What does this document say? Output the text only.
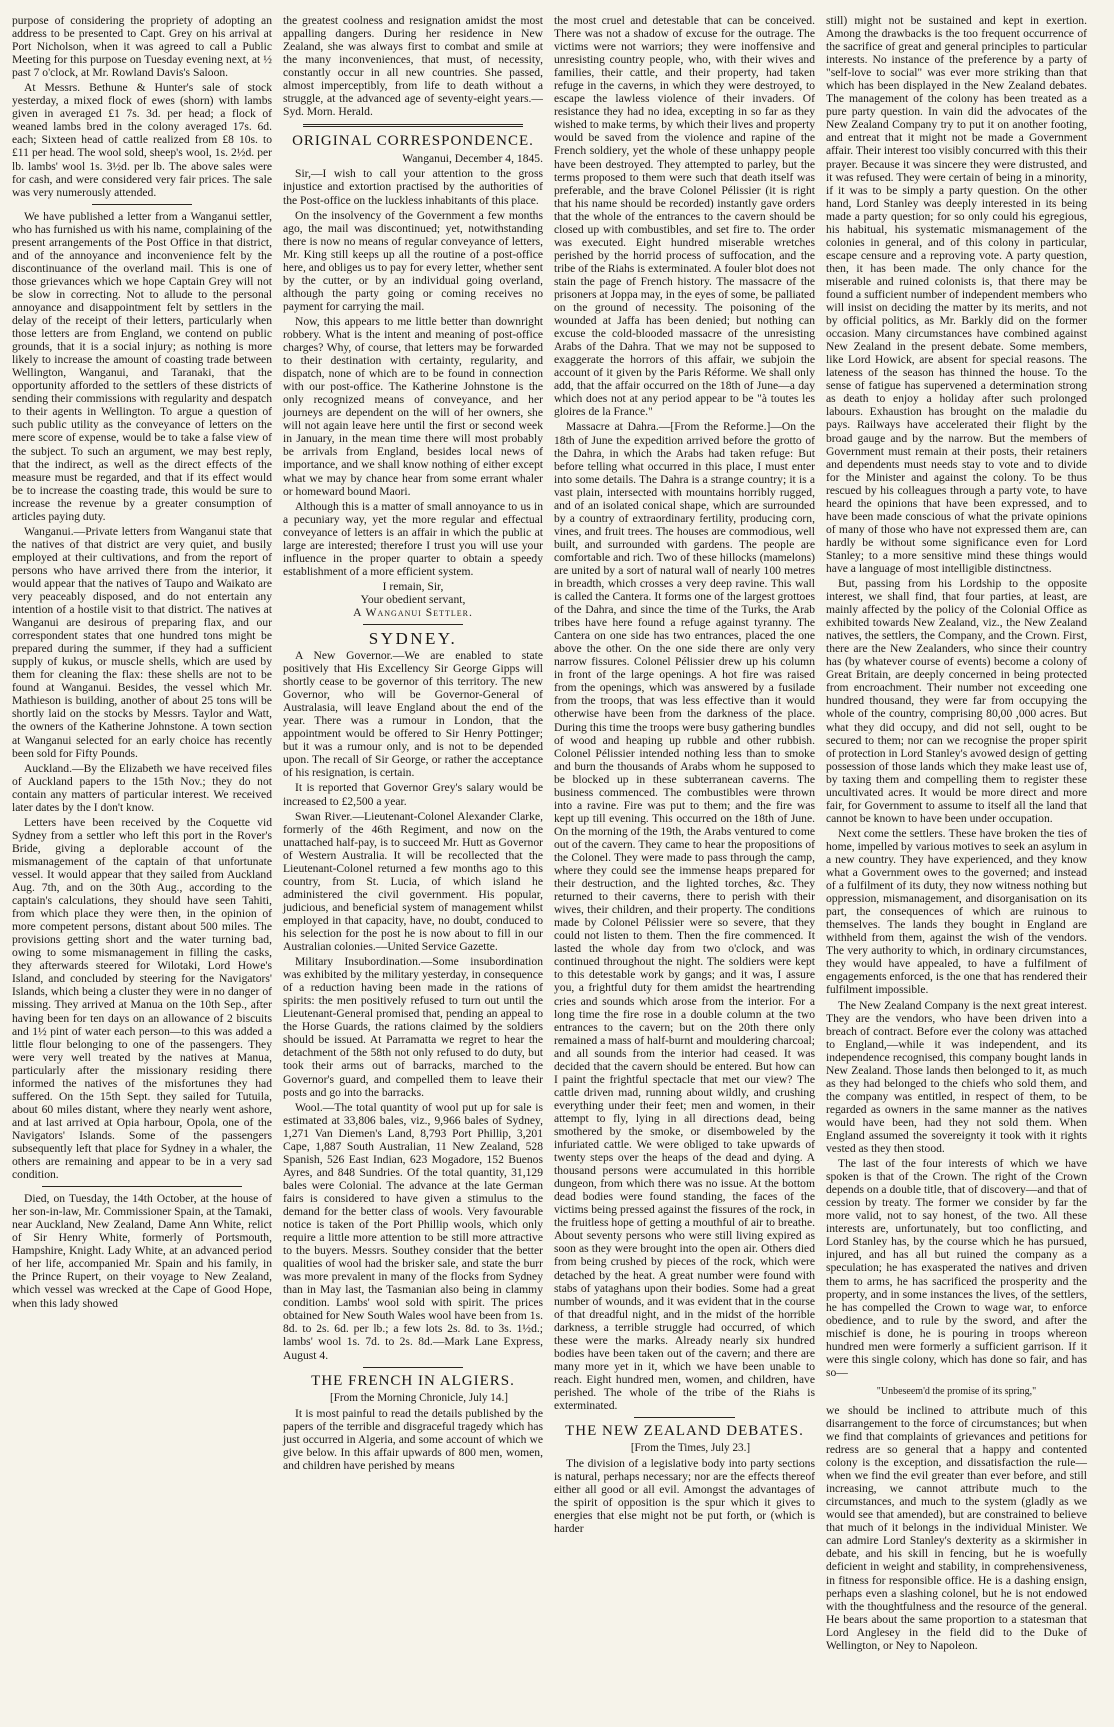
purpose of considering the propriety of adopting an address to be presented to Capt. Grey on his arrival at Port Nicholson, when it was agreed to call a Public Meeting for this purpose on Tuesday evening next, at ½ past 7 o'clock, at Mr. Rowland Davis's Saloon.

At Messrs. Bethune & Hunter's sale of stock yesterday, a mixed flock of ewes (shorn) with lambs given in averaged £1 7s. 3d. per head; a flock of weaned lambs bred in the colony averaged 17s. 6d. each; Sixteen head of cattle realized from £8 10s. to £11 per head. The wool sold, sheep's wool, 1s. 2½d. per lb. lambs' wool 1s. 3½d. per lb. The above sales were for cash, and were considered very fair prices. The sale was very numerously attended.

We have published a letter from a Wanganui settler, who has furnished us with his name, complaining of the present arrangements of the Post Office in that district, and of the annoyance and inconvenience felt by the discontinuance of the overland mail. This is one of those grievances which we hope Captain Grey will not be slow in correcting. Not to allude to the personal annoyance and disappointment felt by settlers in the delay of the receipt of their letters, particularly when those letters are from England, we contend on public grounds, that it is a social injury; as nothing is more likely to increase the amount of coasting trade between Wellington, Wanganui, and Taranaki, that the opportunity afforded to the settlers of these districts of sending their commissions with regularity and despatch to their agents in Wellington. To argue a question of such public utility as the conveyance of letters on the mere score of expense, would be to take a false view of the subject. To such an argument, we may best reply, that the indirect, as well as the direct effects of the measure must be regarded, and that if its effect would be to increase the coasting trade, this would be sure to increase the revenue by a greater consumption of articles paying duty.

Wanganui.—Private letters from Wanganui state that the natives of that district are very quiet, and busily employed at their cultivations, and from the report of persons who have arrived there from the interior, it would appear that the natives of Taupo and Waikato are very peaceably disposed, and do not entertain any intention of a hostile visit to that district. The natives at Wanganui are desirous of preparing flax, and our correspondent states that one hundred tons might be prepared during the summer, if they had a sufficient supply of kukus, or muscle shells, which are used by them for cleaning the flax: these shells are not to be found at Wanganui. Besides, the vessel which Mr. Mathieson is building, another of about 25 tons will be shortly laid on the stocks by Messrs. Taylor and Watt, the owners of the Katherine Johnstone. A town section at Wanganui selected for an early choice has recently been sold for Fifty Pounds.

Auckland.—By the Elizabeth we have received files of Auckland papers to the 15th Nov.; they do not contain any matters of particular interest. We received later dates by the I don't know.

Letters have been received by the Coquette vid Sydney from a settler who left this port in the Rover's Bride, giving a deplorable account of the mismanagement of the captain of that unfortunate vessel. It would appear that they sailed from Auckland Aug. 7th, and on the 30th Aug., according to the captain's calculations, they should have seen Tahiti, from which place they were then, in the opinion of more competent persons, distant about 500 miles. The provisions getting short and the water turning bad, owing to some mismanagement in filling the casks, they afterwards steered for Wilotaki, Lord Howe's Island, and concluded by steering for the Navigators' Islands, which being a cluster they were in no danger of missing. They arrived at Manua on the 10th Sep., after having been for ten days on an allowance of 2 biscuits and 1½ pint of water each person—to this was added a little flour belonging to one of the passengers. They were very well treated by the natives at Manua, particularly after the missionary residing there informed the natives of the misfortunes they had suffered. On the 15th Sept. they sailed for Tutuila, about 60 miles distant, where they nearly went ashore, and at last arrived at Opia harbour, Opola, one of the Navigators' Islands. Some of the passengers subsequently left that place for Sydney in a whaler, the others are remaining and appear to be in a very sad condition.

Died, on Tuesday, the 14th October, at the house of her son-in-law, Mr. Commissioner Spain, at the Tamaki, near Auckland, New Zealand, Dame Ann White, relict of Sir Henry White, formerly of Portsmouth, Hampshire, Knight. Lady White, at an advanced period of her life, accompanied Mr. Spain and his family, in the Prince Rupert, on their voyage to New Zealand, which vessel was wrecked at the Cape of Good Hope, when this lady showed

the greatest coolness and resignation amidst the most appalling dangers. During her residence in New Zealand, she was always first to combat and smile at the many inconveniences, that must, of necessity, constantly occur in all new countries. She passed, almost imperceptibly, from life to death without a struggle, at the advanced age of seventy-eight years.—Syd. Morn. Herald.

ORIGINAL CORRESPONDENCE.

Wanganui, December 4, 1845.

Sir,—I wish to call your attention to the gross injustice and extortion practised by the authorities of the Post-office on the luckless inhabitants of this place.

On the insolvency of the Government a few months ago, the mail was discontinued; yet, notwithstanding there is now no means of regular conveyance of letters, Mr. King still keeps up all the routine of a post-office here, and obliges us to pay for every letter, whether sent by the cutter, or by an individual going overland, although the party going or coming receives no payment for carrying the mail.

Now, this appears to me little better than downright robbery. What is the intent and meaning of post-office charges? Why, of course, that letters may be forwarded to their destination with certainty, regularity, and dispatch, none of which are to be found in connection with our post-office. The Katherine Johnstone is the only recognized means of conveyance, and her journeys are dependent on the will of her owners, she will not again leave here until the first or second week in January, in the mean time there will most probably be arrivals from England, besides local news of importance, and we shall know nothing of either except what we may by chance hear from some errant whaler or homeward bound Maori.

Although this is a matter of small annoyance to us in a pecuniary way, yet the more regular and effectual conveyance of letters is an affair in which the public at large are interested; therefore I trust you will use your influence in the proper quarter to obtain a speedy establishment of a more efficient system.

I remain, Sir,

Your obedient servant,

A Wanganui Settler.

SYDNEY.

A New Governor.—We are enabled to state positively that His Excellency Sir George Gipps will shortly cease to be governor of this territory. The new Governor, who will be Governor-General of Australasia, will leave England about the end of the year. There was a rumour in London, that the appointment would be offered to Sir Henry Pottinger; but it was a rumour only, and is not to be depended upon. The recall of Sir George, or rather the acceptance of his resignation, is certain.

It is reported that Governor Grey's salary would be increased to £2,500 a year.

Swan River.—Lieutenant-Colonel Alexander Clarke, formerly of the 46th Regiment, and now on the unattached half-pay, is to succeed Mr. Hutt as Governor of Western Australia. It will be recollected that the Lieutenant-Colonel returned a few months ago to this country, from St. Lucia, of which island he administered the civil government. His popular, judicious, and beneficial system of management whilst employed in that capacity, have, no doubt, conduced to his selection for the post he is now about to fill in our Australian colonies.—United Service Gazette.

Military Insubordination.—Some insubordination was exhibited by the military yesterday, in consequence of a reduction having been made in the rations of spirits: the men positively refused to turn out until the Lieutenant-General promised that, pending an appeal to the Horse Guards, the rations claimed by the soldiers should be issued. At Parramatta we regret to hear the detachment of the 58th not only refused to do duty, but took their arms out of barracks, marched to the Governor's guard, and compelled them to leave their posts and go into the barracks.

Wool.—The total quantity of wool put up for sale is estimated at 33,806 bales, viz., 9,966 bales of Sydney, 1,271 Van Diemen's Land, 8,793 Port Phillip, 3,201 Cape, 1,887 South Australian, 11 New Zealand, 528 Spanish, 526 East Indian, 623 Mogadore, 152 Buenos Ayres, and 848 Sundries. Of the total quantity, 31,129 bales were Colonial. The advance at the late German fairs is considered to have given a stimulus to the demand for the better class of wools. Very favourable notice is taken of the Port Phillip wools, which only require a little more attention to be still more attractive to the buyers. Messrs. Southey consider that the better qualities of wool had the brisker sale, and state the burr was more prevalent in many of the flocks from Sydney than in May last, the Tasmanian also being in clammy condition. Lambs' wool sold with spirit. The prices obtained for New South Wales wool have been from 1s. 8d. to 2s. 6d. per lb.; a few lots 2s. 8d. to 3s. 1½d.; lambs' wool 1s. 7d. to 2s. 8d.—Mark Lane Express, August 4.

THE FRENCH IN ALGIERS.

[From the Morning Chronicle, July 14.]

It is most painful to read the details published by the papers of the terrible and disgraceful tragedy which has just occurred in Algeria, and some account of which we give below. In this affair upwards of 800 men, women, and children have perished by means

the most cruel and detestable that can be conceived. There was not a shadow of excuse for the outrage. The victims were not warriors; they were inoffensive and unresisting country people, who, with their wives and families, their cattle, and their property, had taken refuge in the caverns, in which they were destroyed, to escape the lawless violence of their invaders. Of resistance they had no idea, excepting in so far as they wished to make terms, by which their lives and property would be saved from the violence and rapine of the French soldiery, yet the whole of these unhappy people have been destroyed. They attempted to parley, but the terms proposed to them were such that death itself was preferable, and the brave Colonel Pélissier (it is right that his name should be recorded) instantly gave orders that the whole of the entrances to the cavern should be closed up with combustibles, and set fire to. The order was executed. Eight hundred miserable wretches perished by the horrid process of suffocation, and the tribe of the Riahs is exterminated. A fouler blot does not stain the page of French history. The massacre of the prisoners at Joppa may, in the eyes of some, be palliated on the ground of necessity. The poisoning of the wounded at Jaffa has been denied; but nothing can excuse the cold-blooded massacre of the unresisting Arabs of the Dahra. That we may not be supposed to exaggerate the horrors of this affair, we subjoin the account of it given by the Paris Réforme. We shall only add, that the affair occurred on the 18th of June—a day which does not at any period appear to be "à toutes les gloires de la France."

Massacre at Dahra.—[From the Reforme.]—On the 18th of June the expedition arrived before the grotto of the Dahra, in which the Arabs had taken refuge: But before telling what occurred in this place, I must enter into some details. The Dahra is a strange country; it is a vast plain, intersected with mountains horribly rugged, and of an isolated conical shape, which are surrounded by a country of extraordinary fertility, producing corn, vines, and fruit trees. The houses are commodious, well built, and surrounded with gardens. The people are comfortable and rich. Two of these hillocks (mamelons) are united by a sort of natural wall of nearly 100 metres in breadth, which crosses a very deep ravine. This wall is called the Cantera. It forms one of the largest grottoes of the Dahra, and since the time of the Turks, the Arab tribes have here found a refuge against tyranny. The Cantera on one side has two entrances, placed the one above the other. On the one side there are only very narrow fissures. Colonel Pélissier drew up his column in front of the large openings. A hot fire was raised from the openings, which was answered by a fusilade from the troops, that was less effective than it would otherwise have been from the darkness of the place. During this time the troops were busy gathering bundles of wood and heaping up rubble and other rubbish. Colonel Pélissier intended nothing less than to smoke and burn the thousands of Arabs whom he supposed to be blocked up in these subterranean caverns. The business commenced. The combustibles were thrown into a ravine. Fire was put to them; and the fire was kept up till evening. This occurred on the 18th of June. On the morning of the 19th, the Arabs ventured to come out of the cavern. They came to hear the propositions of the Colonel. They were made to pass through the camp, where they could see the immense heaps prepared for their destruction, and the lighted torches, &c. They returned to their caverns, there to perish with their wives, their children, and their property. The conditions made by Colonel Pélissier were so severe, that they could not listen to them. Then the fire commenced. It lasted the whole day from two o'clock, and was continued throughout the night. The soldiers were kept to this detestable work by gangs; and it was, I assure you, a frightful duty for them amidst the heartrending cries and sounds which arose from the interior. For a long time the fire rose in a double column at the two entrances to the cavern; but on the 20th there only remained a mass of half-burnt and mouldering charcoal; and all sounds from the interior had ceased. It was decided that the cavern should be entered. But how can I paint the frightful spectacle that met our view? The cattle driven mad, running about wildly, and crushing everything under their feet; men and women, in their attempt to fly, lying in all directions dead, being smothered by the smoke, or disemboweled by the infuriated cattle. We were obliged to take upwards of twenty steps over the heaps of the dead and dying. A thousand persons were accumulated in this horrible dungeon, from which there was no issue. At the bottom dead bodies were found standing, the faces of the victims being pressed against the fissures of the rock, in the fruitless hope of getting a mouthful of air to breathe. About seventy persons who were still living expired as soon as they were brought into the open air. Others died from being crushed by pieces of the rock, which were detached by the heat. A great number were found with stabs of yataghans upon their bodies. Some had a great number of wounds, and it was evident that in the course of that dreadful night, and in the midst of the horrible darkness, a terrible struggle had occurred, of which these were the marks. Already nearly six hundred bodies have been taken out of the cavern; and there are many more yet in it, which we have been unable to reach. Eight hundred men, women, and children, have perished. The whole of the tribe of the Riahs is exterminated.

THE NEW ZEALAND DEBATES.

[From the Times, July 23.]

The division of a legislative body into party sections is natural, perhaps necessary; nor are the effects thereof either all good or all evil. Amongst the advantages of the spirit of opposition is the spur which it gives to energies that else might not be put forth, or (which is harder

still) might not be sustained and kept in exertion. Among the drawbacks is the too frequent occurrence of the sacrifice of great and general principles to particular interests. No instance of the preference by a party of "self-love to social" was ever more striking than that which has been displayed in the New Zealand debates. The management of the colony has been treated as a pure party question. In vain did the advocates of the New Zealand Company try to put it on another footing, and entreat that it might not be made a Government affair. Their interest too visibly concurred with this their prayer. Because it was sincere they were distrusted, and it was refused. They were certain of being in a minority, if it was to be simply a party question. On the other hand, Lord Stanley was deeply interested in its being made a party question; for so only could his egregious, his habitual, his systematic mismanagement of the colonies in general, and of this colony in particular, escape censure and a reproving vote. A party question, then, it has been made. The only chance for the miserable and ruined colonists is, that there may be found a sufficient number of independent members who will insist on deciding the matter by its merits, and not by official politics, as Mr. Barkly did on the former occasion. Many circumstances have combined against New Zealand in the present debate. Some members, like Lord Howick, are absent for special reasons. The lateness of the season has thinned the house. To the sense of fatigue has supervened a determination strong as death to enjoy a holiday after such prolonged labours. Exhaustion has brought on the maladie du pays. Railways have accelerated their flight by the broad gauge and by the narrow. But the members of Government must remain at their posts, their retainers and dependents must needs stay to vote and to divide for the Minister and against the colony. To be thus rescued by his colleagues through a party vote, to have heard the opinions that have been expressed, and to have been made conscious of what the private opinions of many of those who have not expressed them are, can hardly be without some significance even for Lord Stanley; to a more sensitive mind these things would have a language of most intelligible distinctness.

But, passing from his Lordship to the opposite interest, we shall find, that four parties, at least, are mainly affected by the policy of the Colonial Office as exhibited towards New Zealand, viz., the New Zealand natives, the settlers, the Company, and the Crown. First, there are the New Zealanders, who since their country has (by whatever course of events) become a colony of Great Britain, are deeply concerned in being protected from encroachment. Their number not exceeding one hundred thousand, they were far from occupying the whole of the country, comprising 80,00 ,000 acres. But what they did occupy, and did not sell, ought to be secured to them; nor can we recognise the proper spirit of protection in Lord Stanley's avowed design of getting possession of those lands which they make least use of, by taxing them and compelling them to register these uncultivated acres. It would be more direct and more fair, for Government to assume to itself all the land that cannot be known to have been under occupation.

Next come the settlers. These have broken the ties of home, impelled by various motives to seek an asylum in a new country. They have experienced, and they know what a Government owes to the governed; and instead of a fulfilment of its duty, they now witness nothing but oppression, mismanagement, and disorganisation on its part, the consequences of which are ruinous to themselves. The lands they bought in England are withheld from them, against the wish of the vendors. The very authority to which, in ordinary circumstances, they would have appealed, to have a fulfilment of engagements enforced, is the one that has rendered their fulfilment impossible.

The New Zealand Company is the next great interest. They are the vendors, who have been driven into a breach of contract. Before ever the colony was attached to England,—while it was independent, and its independence recognised, this company bought lands in New Zealand. Those lands then belonged to it, as much as they had belonged to the chiefs who sold them, and the company was entitled, in respect of them, to be regarded as owners in the same manner as the natives would have been, had they not sold them. When England assumed the sovereignty it took with it rights vested as they then stood.

The last of the four interests of which we have spoken is that of the Crown. The right of the Crown depends on a double title, that of discovery—and that of cession by treaty. The former we consider by far the more valid, not to say honest, of the two. All these interests are, unfortunately, but too conflicting, and Lord Stanley has, by the course which he has pursued, injured, and has all but ruined the company as a speculation; he has exasperated the natives and driven them to arms, he has sacrificed the prosperity and the property, and in some instances the lives, of the settlers, he has compelled the Crown to wage war, to enforce obedience, and to rule by the sword, and after the mischief is done, he is pouring in troops whereon hundred men were formerly a sufficient garrison. If it were this single colony, which has done so fair, and has so—

"Unbeseem'd the promise of its spring,"

we should be inclined to attribute much of this disarrangement to the force of circumstances; but when we find that complaints of grievances and petitions for redress are so general that a happy and contented colony is the exception, and dissatisfaction the rule—when we find the evil greater than ever before, and still increasing, we cannot attribute much to the circumstances, and much to the system (gladly as we would see that amended), but are constrained to believe that much of it belongs in the individual Minister. We can admire Lord Stanley's dexterity as a skirmisher in debate, and his skill in fencing, but he is woefully deficient in weight and stability, in comprehensiveness, in fitness for responsible office. He is a dashing ensign, perhaps even a slashing colonel, but he is not endowed with the thoughtfulness and the resource of the general. He bears about the same proportion to a statesman that Lord Anglesey in the field did to the Duke of Wellington, or Ney to Napoleon.
